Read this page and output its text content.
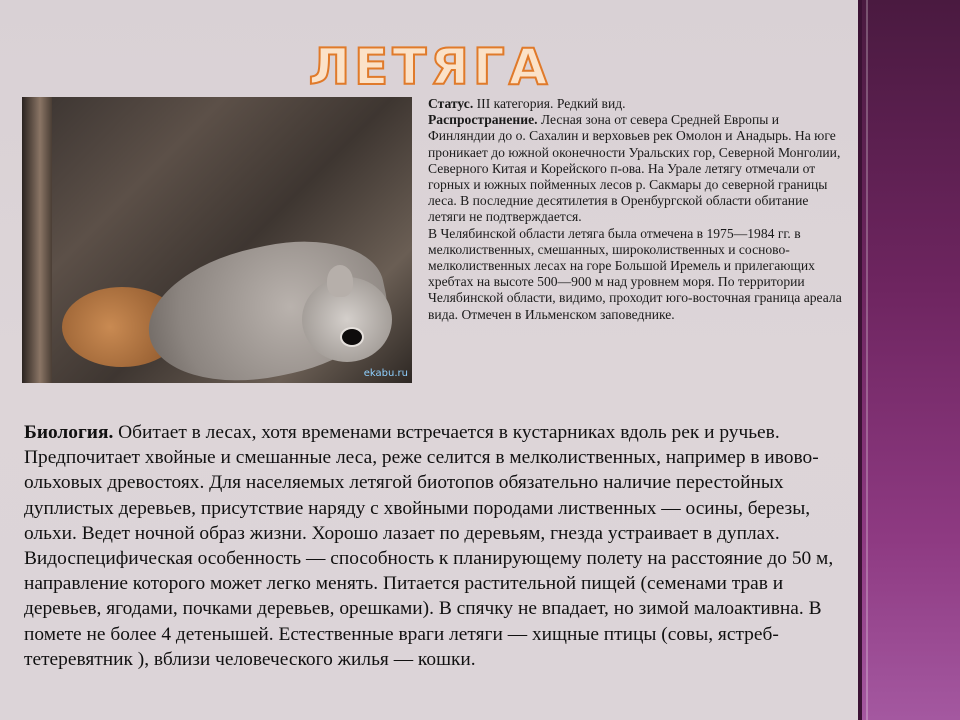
ЛЕТЯГА
ekabu.ru

Статус. III категория. Редкий вид.

Распространение. Лесная зона от севера Средней Европы и Финляндии до о. Сахалин и верховьев рек Омолон и Анадырь. На юге проникает до южной оконечности Уральских гор, Северной Монголии, Северного Китая и Корейского п-ова. На Урале летягу отмечали от горных и южных пойменных лесов р. Сакмары до северной границы леса. В последние десятилетия в Оренбургской области обитание летяги не подтверждается.

В Челябинской области летяга была отмечена в 1975—1984 гг. в мелколиственных, смешанных, широколиственных и сосново-мелколиственных лесах на горе Большой Иремель и прилегающих хребтах на высоте 500—900 м над уровнем моря. По территории Челябинской области, видимо, проходит юго-восточная граница ареала вида. Отмечен в Ильменском заповеднике.

Биология. Обитает в лесах, хотя временами встречается в кустарниках вдоль рек и ручьев. Предпочитает хвойные и смешанные леса, реже селится в мелколиственных, например в ивово-ольховых древостоях. Для населяемых летягой биотопов обязательно наличие перестойных дуплистых деревьев, присутствие наряду с хвойными породами лиственных — осины, березы, ольхи. Ведет ночной образ жизни. Хорошо лазает по деревьям, гнезда устраивает в дуплах. Видоспецифическая особенность — способность к планирующему полету на расстояние до 50 м, направление которого может легко менять. Питается растительной пищей (семенами трав и деревьев, ягодами, почками деревьев, орешками). В спячку не впадает, но зимой малоактивна. В помете не более 4 детенышей. Естественные враги летяги — хищные птицы (совы, ястреб-тетеревятник ), вблизи человеческого жилья — кошки.
